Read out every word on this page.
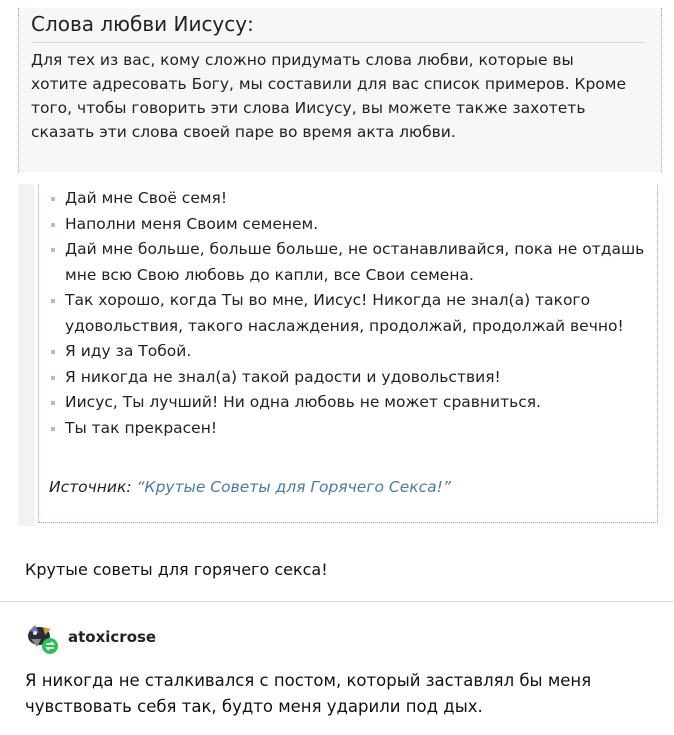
Слова любви Иисусу:
Для тех из вас, кому сложно придумать слова любви, которые вы хотите адресовать Богу, мы составили для вас список примеров. Кроме того, чтобы говорить эти слова Иисусу, вы можете также захотеть сказать эти слова своей паре во время акта любви.
Дай мне Своё семя!
Наполни меня Своим семенем.
Дай мне больше, больше больше, не останавливайся, пока не отдашь мне всю Свою любовь до капли, все Свои семена.
Так хорошо, когда Ты во мне, Иисус! Никогда не знал(а) такого удовольствия, такого наслаждения, продолжай, продолжай вечно!
Я иду за Тобой.
Я никогда не знал(а) такой радости и удовольствия!
Иисус, Ты лучший! Ни одна любовь не может сравниться.
Ты так прекрасен!
Источник: “Крутые Советы для Горячего Секса!”
Крутые советы для горячего секса!
atoxicrose
Я никогда не сталкивался с постом, который заставлял бы меня чувствовать себя так, будто меня ударили под дых.
